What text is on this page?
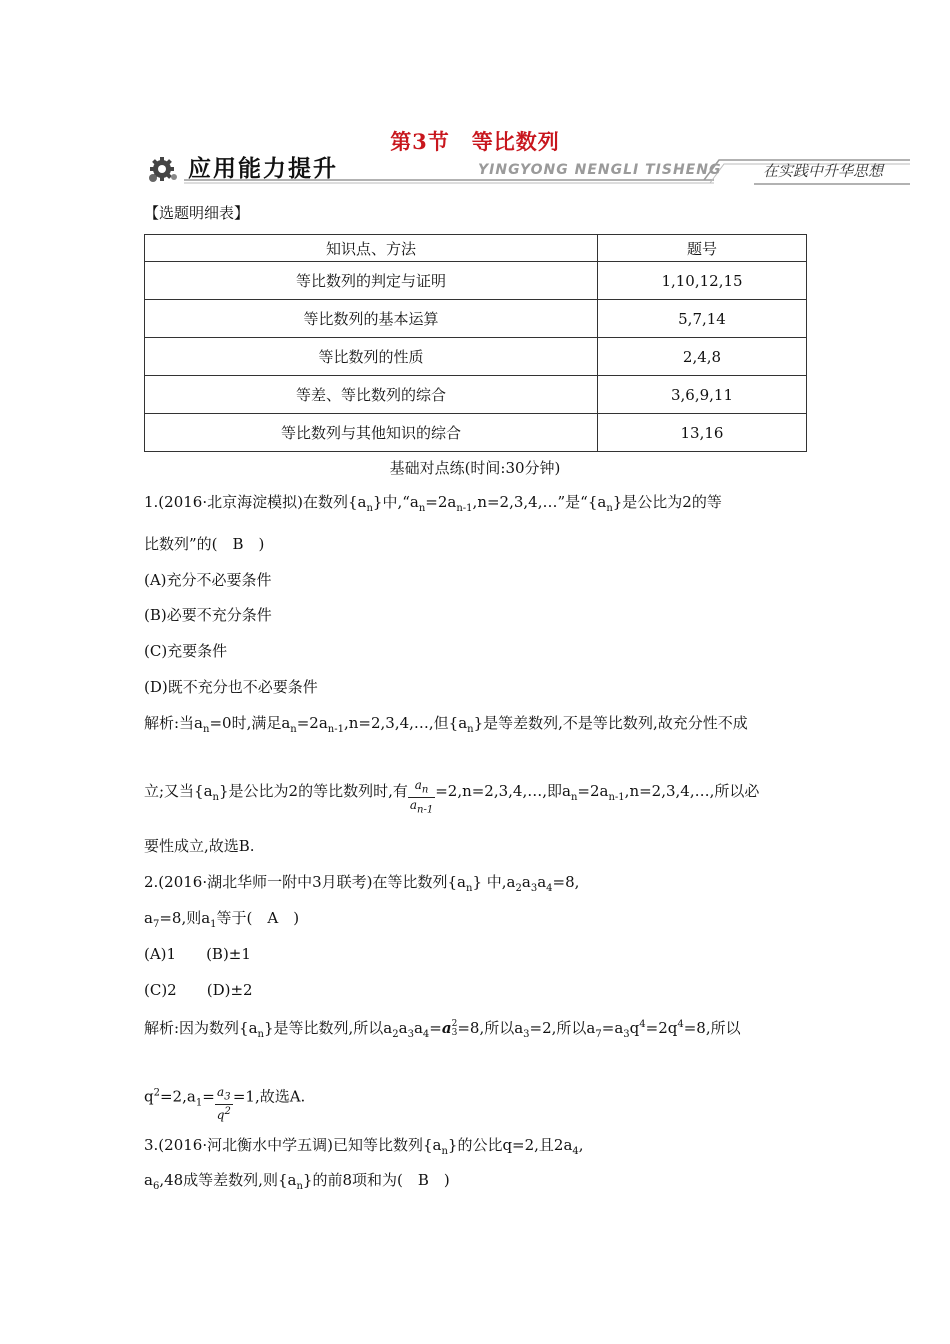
第3节　等比数列
应用能力提升	YINGYONG NENGLI TISHENG	在实践中升华思想
【选题明细表】
知识点、方法	题号
等比数列的判定与证明	1,10,12,15
等比数列的基本运算	5,7,14
等比数列的性质	2,4,8
等差、等比数列的综合	3,6,9,11
等比数列与其他知识的综合	13,16
基础对点练(时间:30分钟)
1.(2016·北京海淀模拟)在数列$\{a_n\}$中$,“a_n=2a_{n-1},n=2,3,4,\dots$”是“$\{a_n\}$是公比为2的等
比数列”的(　B　)
(A)充分不必要条件
(B)必要不充分条件
(C)充要条件
(D)既不充分也不必要条件
解析:当$a_n=0$时,满足$a_n=2a_{n-1},n=2,3,4,\dots$,但$\{a_n\}$是等差数列,不是等比数列,故充分性不成
立;又当$\{a_n\}$是公比为2的等比数列时,有 $\frac{a_n}{a_{n-1}}$ =2,n=2,3,4,…,即$a_n=2a_{n-1},n=2,3,4,\dots$,所以必
要性成立,故选B.
2.(2016·湖北华师一附中3月联考)在等比数列$\{a_n\}$ 中$,a_2a_3a_4=8$,
$a_7=8$,则$a_1$等于(　A　)
(A)1　　(B)±1
(C)2　　(D)±2
解析:因为数列$\{a_n\}$是等比数列,所以$a_2a_3a_4=a2$
3=8,所以$a_3=2$,所以$a_7=a_3q^4=2q^4=8$,所以
$q^2=2,a_1= \frac{a_3}{q^2} =1$,故选A.
3.(2016·河北衡水中学五调)已知等比数列$\{a_n\}$的公比q=2,且$2a_4$,
$a_6,48$成等差数列,则$\{a_n\}$的前8项和为(　B　)
